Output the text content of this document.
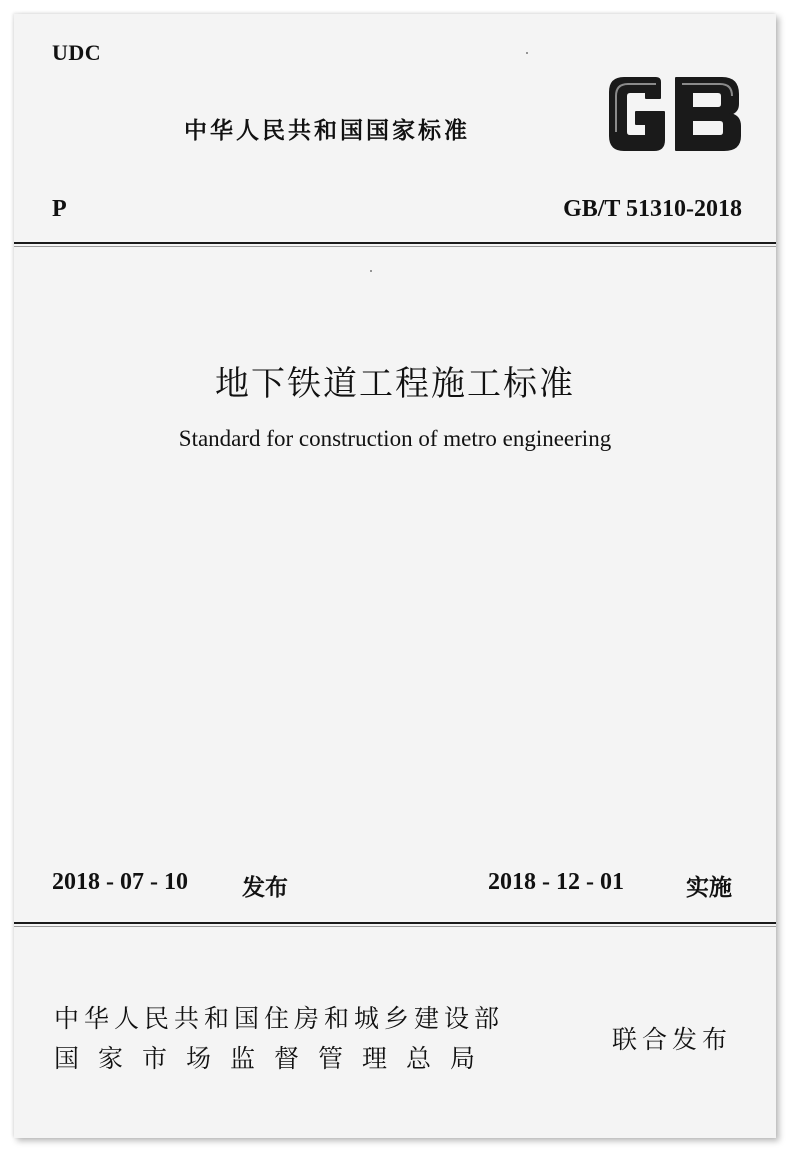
UDC
中华人民共和国国家标准
P	GB/T 51310-2018
地下铁道工程施工标准
Standard for construction of metro engineering
2018 - 07 - 10 发布	2018 - 12 - 01	实施
中华人民共和国住房和城乡建设部
国家市场监督管理总局
联合发布
